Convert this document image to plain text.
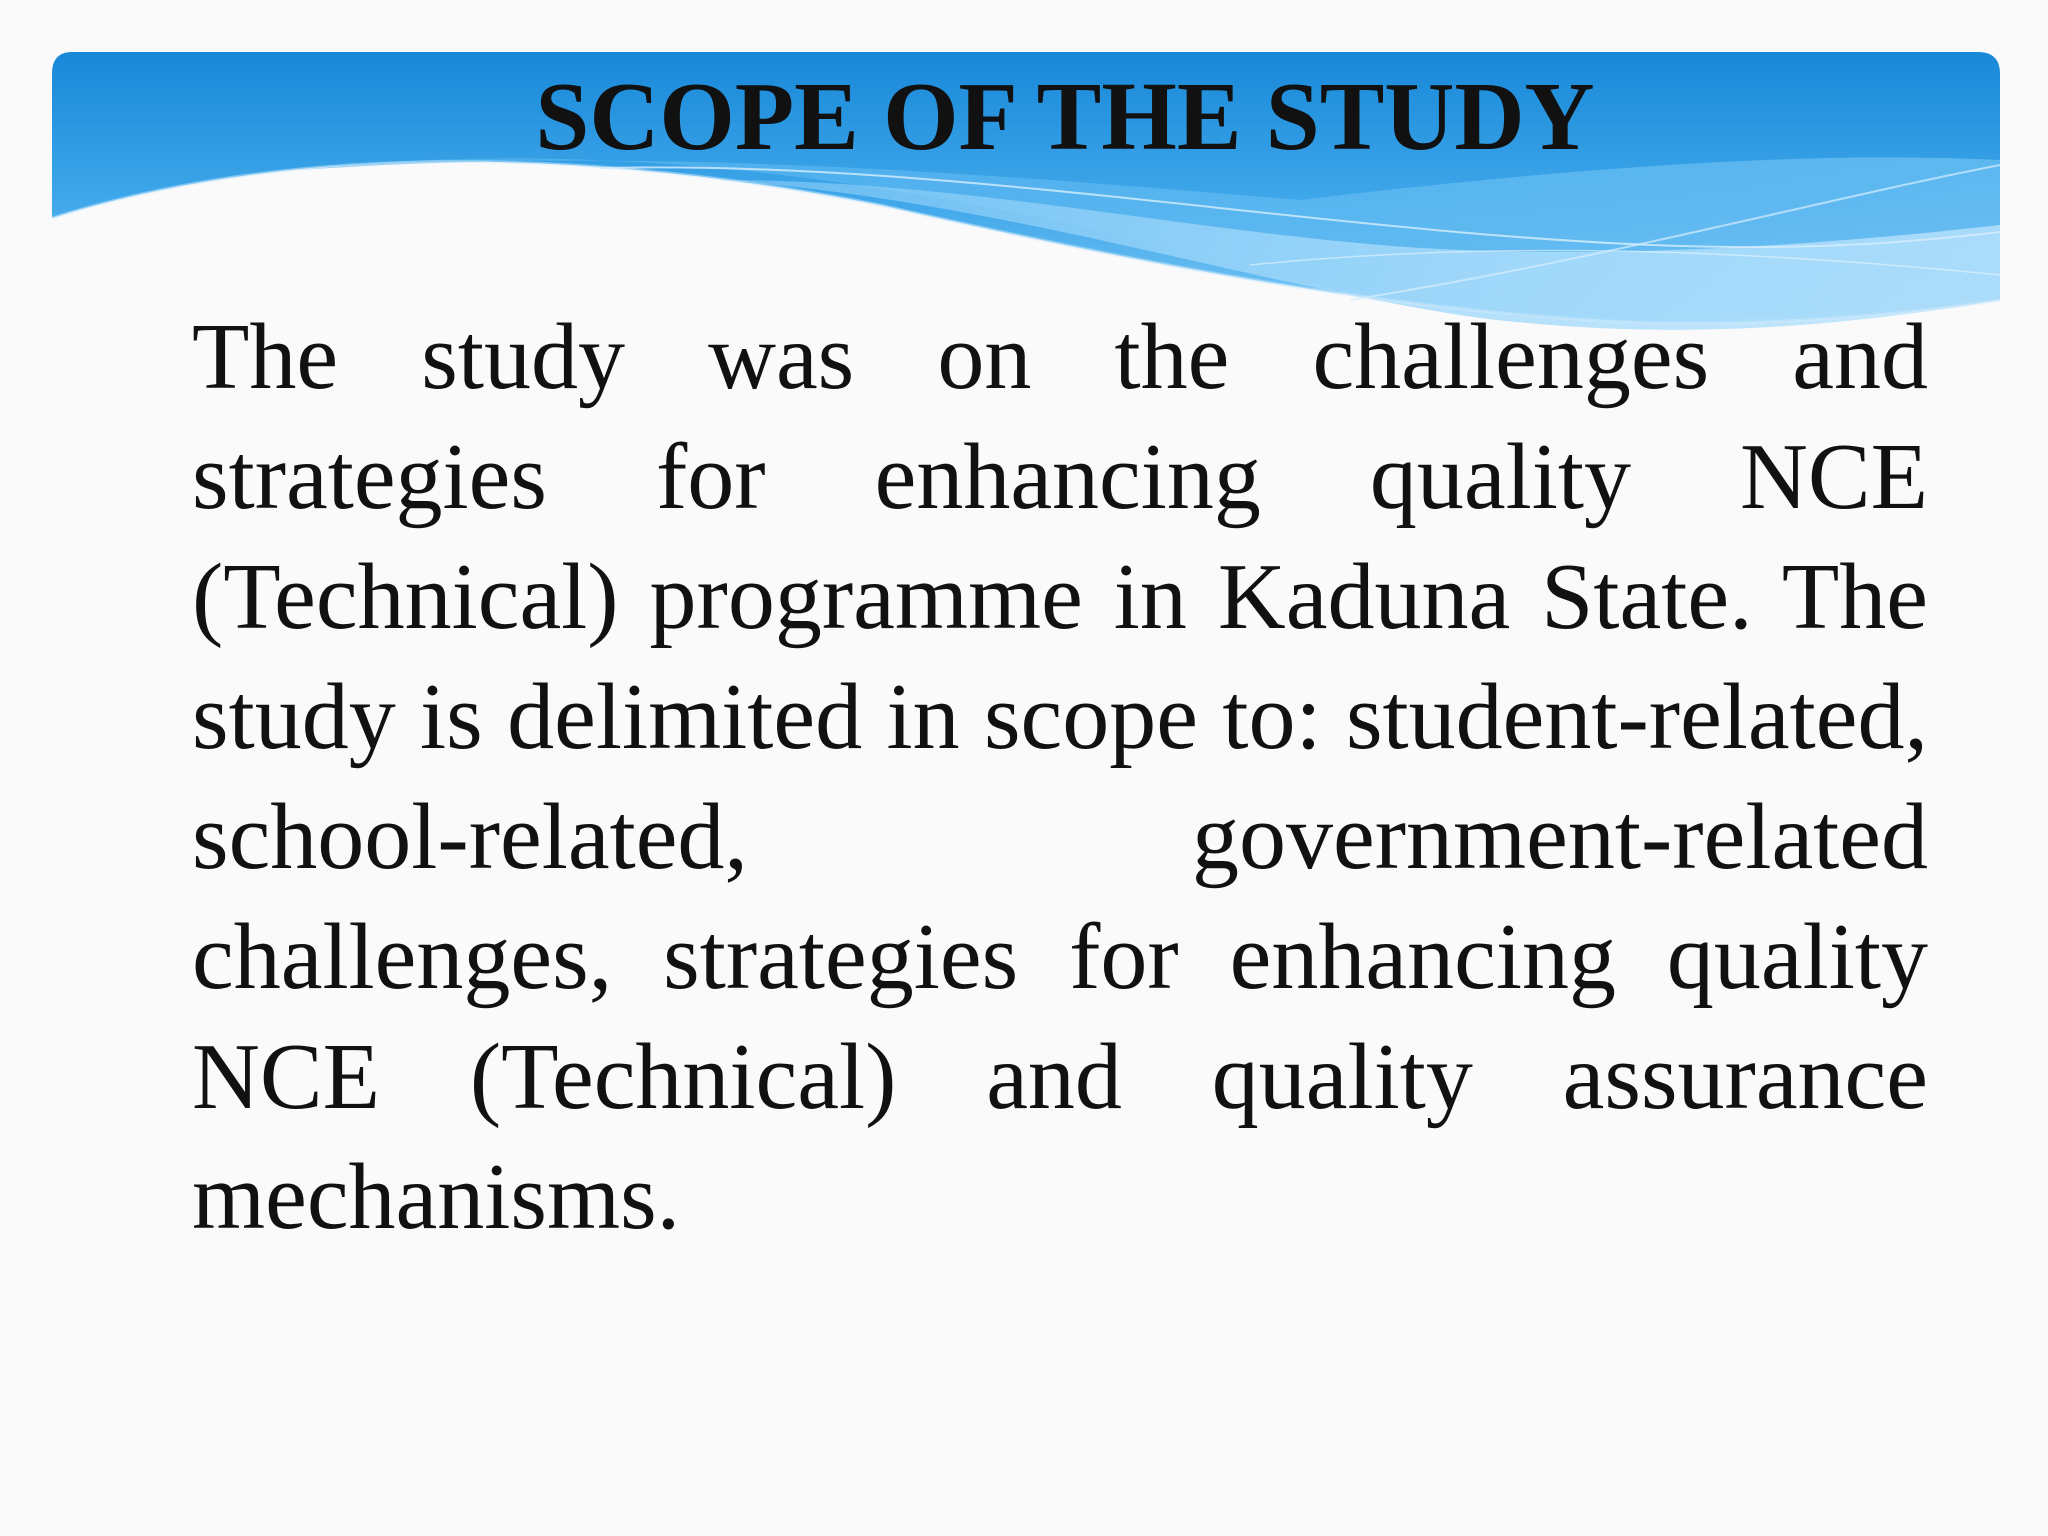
SCOPE OF THE STUDY

The study was on the challenges and strategies for enhancing quality NCE (Technical) programme in Kaduna State. The study is delimited in scope to: student-related, school-related, government-related challenges, strategies for enhancing quality NCE (Technical) and quality assurance mechanisms.
